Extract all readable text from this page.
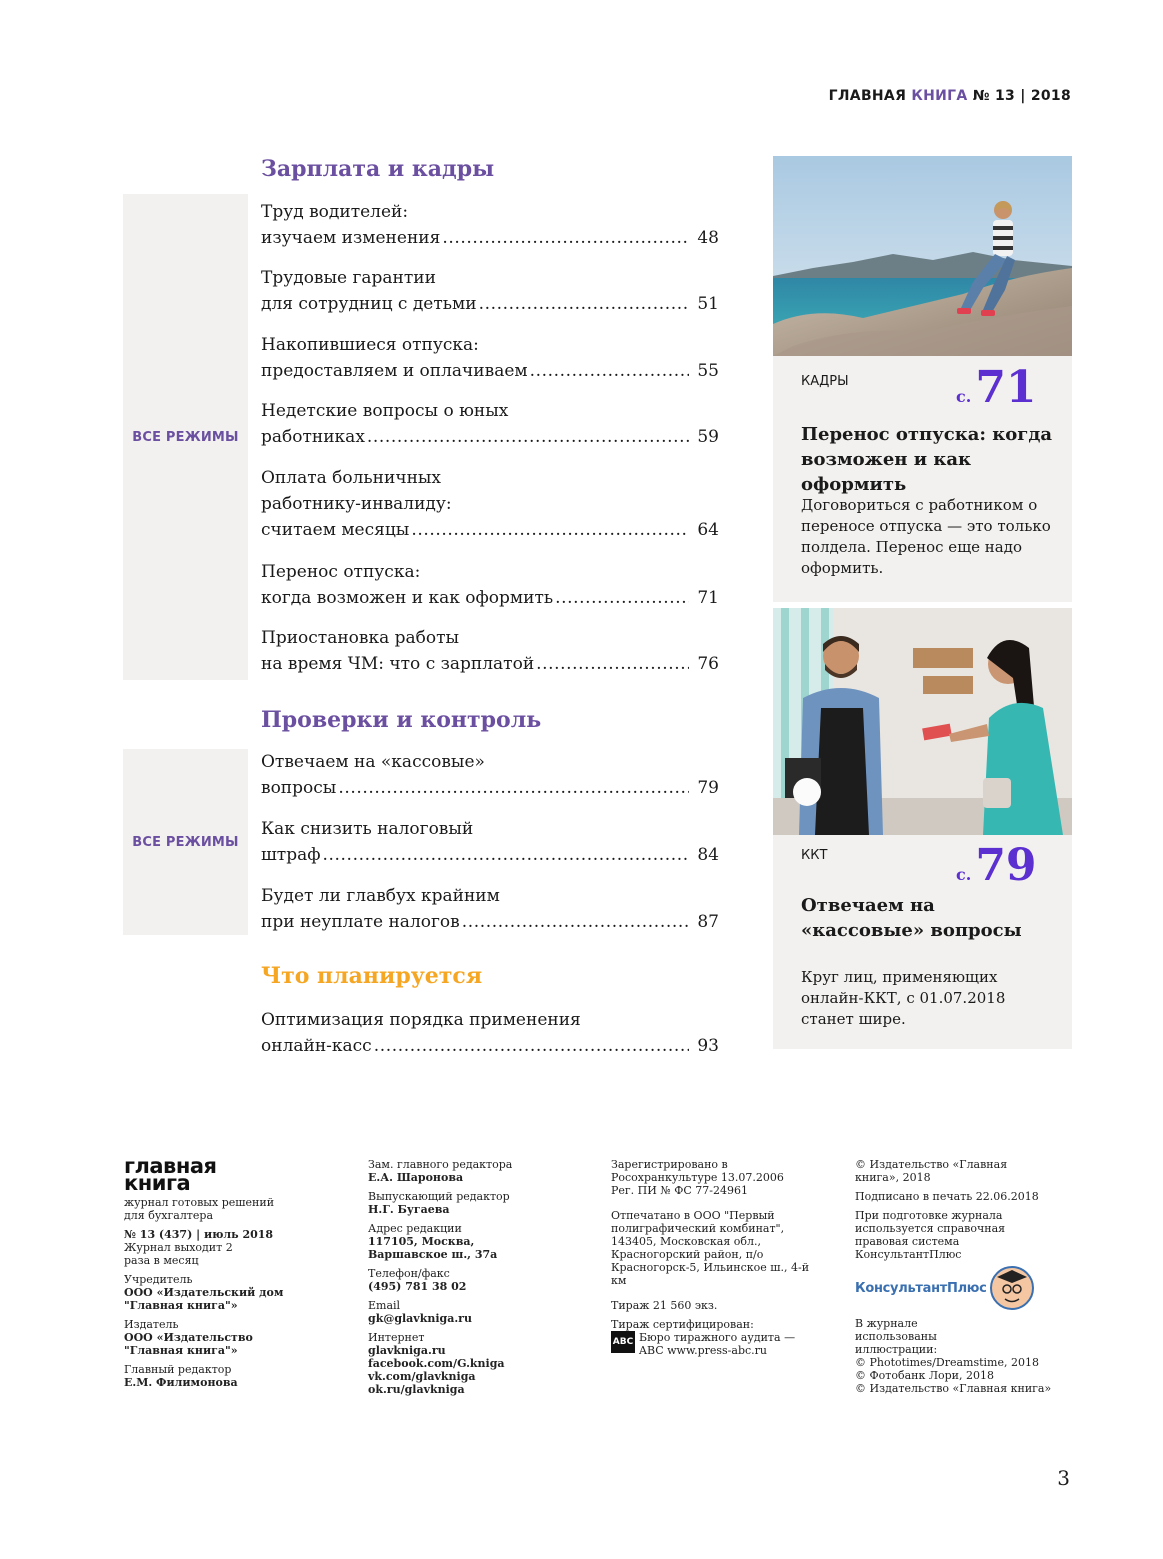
ГЛАВНАЯ КНИГА № 13 | 2018
Зарплата и кадры
ВСЕ РЕЖИМЫ
Труд водителей:
изучаем изменения .....	48
Трудовые гарантии
для сотрудниц с детьми .....	51
Накопившиеся отпуска:
предоставляем и оплачиваем .....	55
Недетские вопросы о юных
работниках .....	59
Оплата больничных
работнику-инвалиду:
считаем месяцы .....	64
Перенос отпуска:
когда возможен и как оформить .....	71
Приостановка работы
на время ЧМ: что с зарплатой .....	76
Проверки и контроль
ВСЕ РЕЖИМЫ
Отвечаем на «кассовые»
вопросы .....	79
Как снизить налоговый
штраф .....	84
Будет ли главбух крайним
при неуплате налогов .....	87
Что планируется
Оптимизация порядка применения
онлайн-касс .....	93
КАДРЫ
с.71
Перенос отпуска: когда возможен и как оформить
Договориться с работником о переносе отпуска — это только полдела. Перенос еще надо оформить.
ККТ
с.79
Отвечаем на «кассовые» вопросы
Круг лиц, применяющих онлайн-ККТ, с 01.07.2018 станет шире.
главная
книга
журнал готовых решений для бухгалтера
№ 13 (437) | июль 2018
Журнал выходит 2 раза в месяц
Учредитель
ООО «Издательский дом "Главная книга"»
Издатель
ООО «Издательство "Главная книга"»
Главный редактор
Е.М. Филимонова
Зам. главного редактора
Е.А. Шаронова
Выпускающий редактор
Н.Г. Бугаева
Адрес редакции
117105, Москва, Варшавское ш., 37а
Телефон/факс
(495) 781 38 02
Email
gk@glavkniga.ru
Интернет
glavkniga.ru
facebook.com/G.kniga
vk.com/glavkniga
ok.ru/glavkniga
Зарегистрировано в Росохранкультуре 13.07.2006 Рег. ПИ № ФС 77-24961
Отпечатано в ООО "Первый полиграфический комбинат", 143405, Московская обл., Красногорский район, п/о Красногорск-5, Ильинское ш., 4-й км
Тираж 21 560 экз.
Тираж сертифицирован:
ABC Бюро тиражного аудита — ABC www.press-abc.ru
© Издательство «Главная книга», 2018
Подписано в печать 22.06.2018
При подготовке журнала используется справочная правовая система КонсультантПлюс
КонсультантПлюс
В журнале использованы иллюстрации:
© Phototimes/Dreamstime, 2018
© Фотобанк Лори, 2018
© Издательство «Главная книга»
3
